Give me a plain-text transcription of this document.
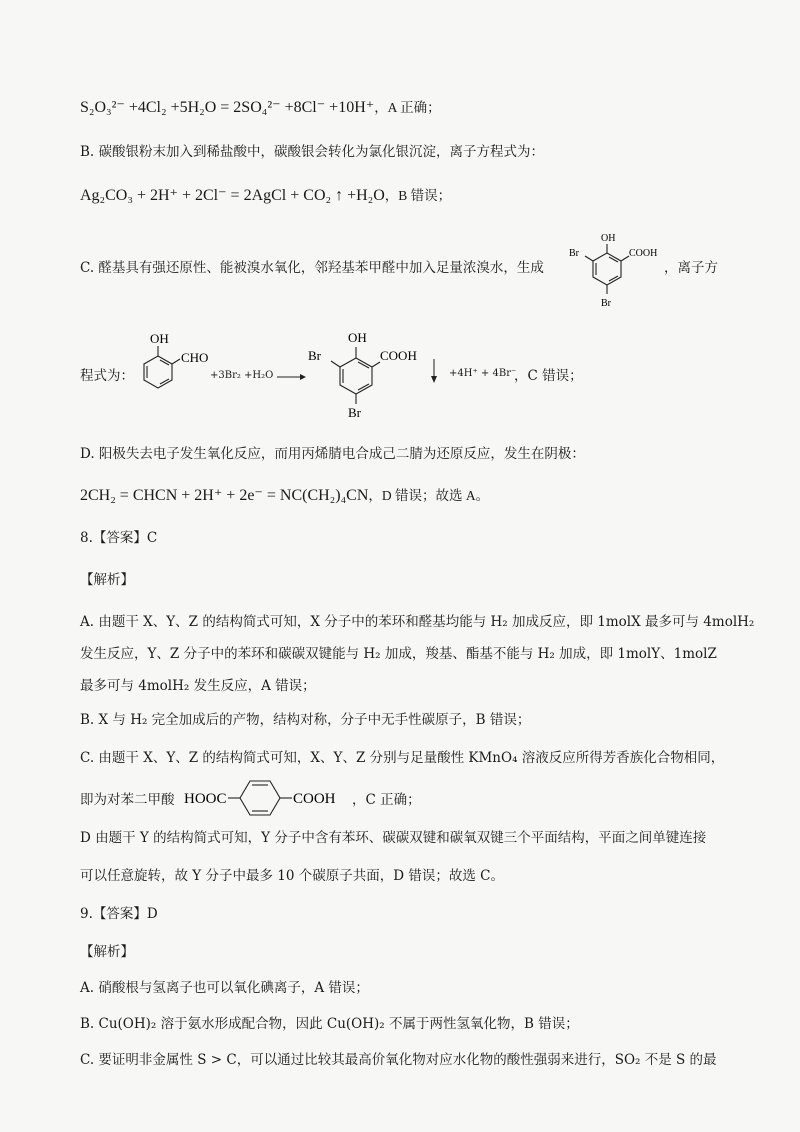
S₂O₃²⁻ +4Cl₂ +5H₂O = 2SO₄²⁻ +8Cl⁻ +10H⁺，A 正确；
B. 碳酸银粉末加入到稀盐酸中，碳酸银会转化为氯化银沉淀，离子方程式为：
Ag₂CO₃ + 2H⁺ + 2Cl⁻ = 2AgCl + CO₂ ↑ +H₂O，B 错误；
C. 醛基具有强还原性、能被溴水氧化，邻羟基苯甲醛中加入足量浓溴水，生成
OH
Br	COOH
Br
，离子方
程式为：
OH
CHO
+3Br₂ +H₂O →
OH
Br	COOH
Br
+4H⁺ + 4Br⁻
，C 错误；
D. 阳极失去电子发生氧化反应，而用丙烯腈电合成己二腈为还原反应，发生在阴极：
2CH₂ = CHCN + 2H⁺ + 2e⁻ = NC(CH₂)₄CN，D 错误；故选 A。
8.【答案】C
【解析】
A. 由题干 X、Y、Z 的结构简式可知，X 分子中的苯环和醛基均能与 H₂ 加成反应，即 1molX 最多可与 4molH₂
发生反应，Y、Z 分子中的苯环和碳碳双键能与 H₂ 加成，羧基、酯基不能与 H₂ 加成，即 1molY、1molZ
最多可与 4molH₂ 发生反应，A 错误；
B. X 与 H₂ 完全加成后的产物，结构对称，分子中无手性碳原子，B 错误；
C. 由题干 X、Y、Z 的结构简式可知，X、Y、Z 分别与足量酸性 KMnO₄ 溶液反应所得芳香族化合物相同，
即为对苯二甲酸 HOOC	COOH ，C 正确；
D 由题干 Y 的结构简式可知，Y 分子中含有苯环、碳碳双键和碳氧双键三个平面结构，平面之间单键连接
可以任意旋转，故 Y 分子中最多 10 个碳原子共面，D 错误；故选 C。
9.【答案】D
【解析】
A. 硝酸根与氢离子也可以氧化碘离子，A 错误；
B. Cu(OH)₂ 溶于氨水形成配合物，因此 Cu(OH)₂ 不属于两性氢氧化物，B 错误；
C. 要证明非金属性 S > C，可以通过比较其最高价氧化物对应水化物的酸性强弱来进行，SO₂ 不是 S 的最
